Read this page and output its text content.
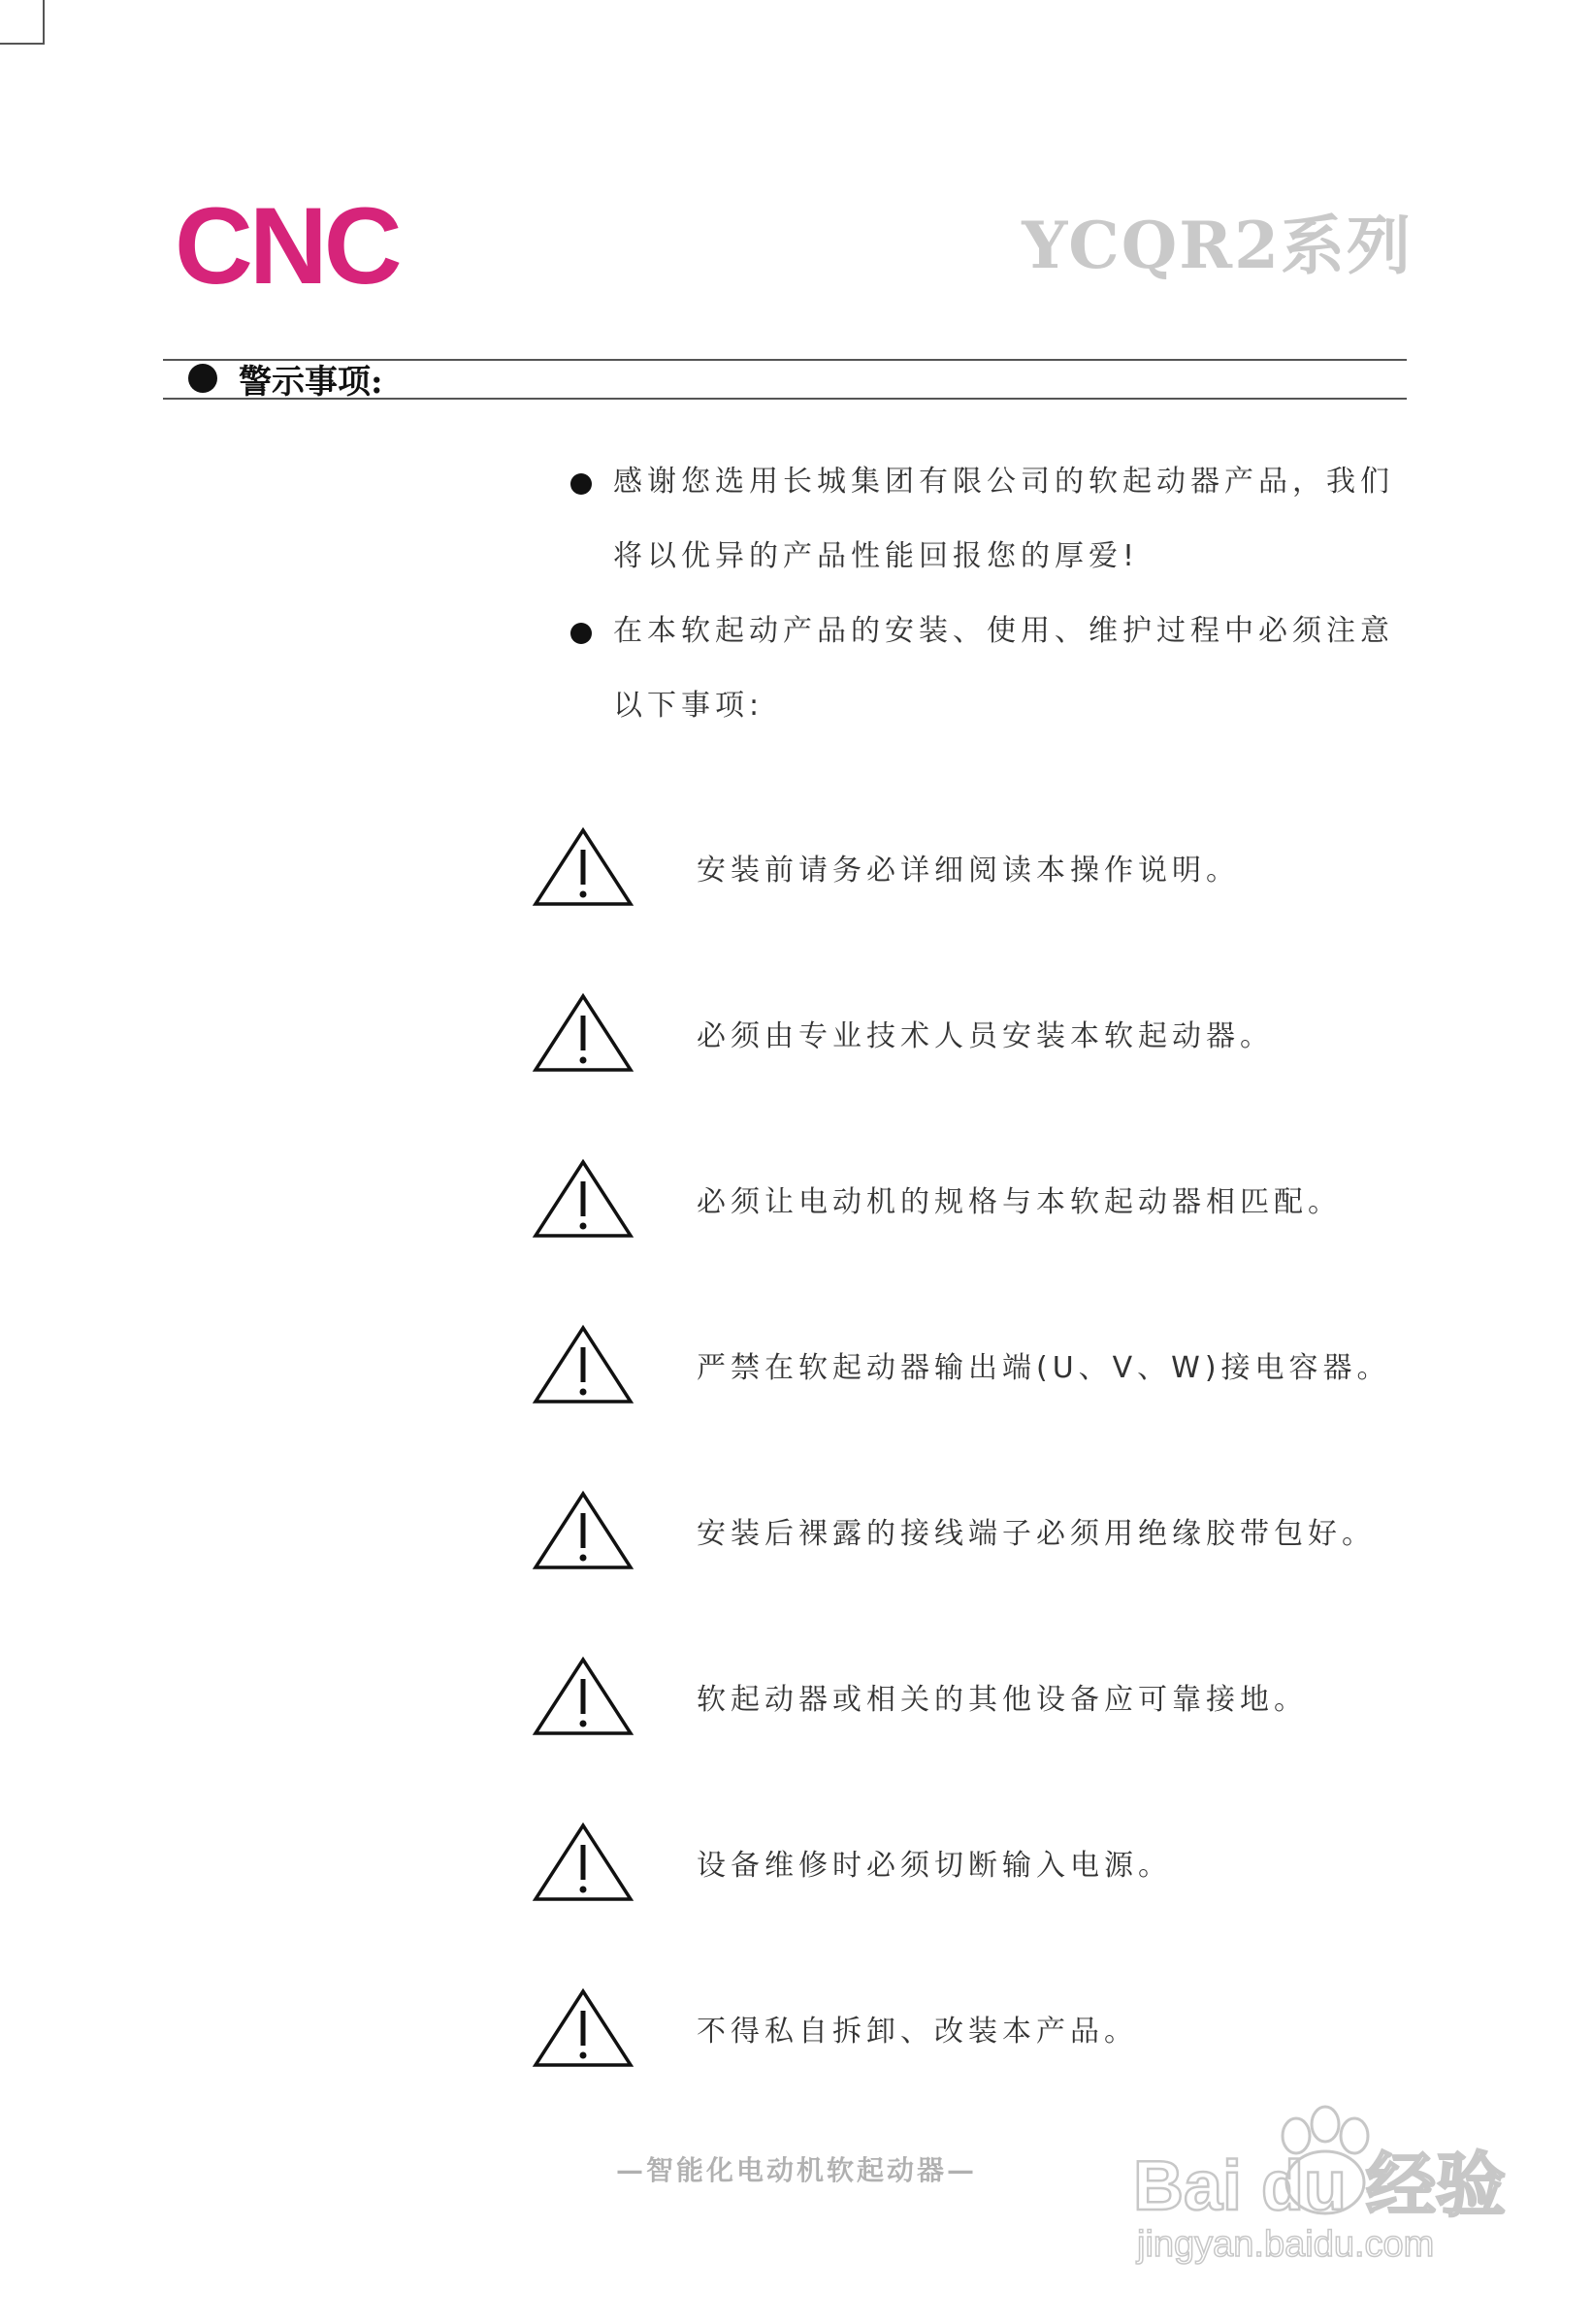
CNC	YCQR2系列
警示事项:
感谢您选用长城集团有限公司的软起动器产品，我们将以优异的产品性能回报您的厚爱!
在本软起动产品的安装、使用、维护过程中必须注意以下事项:
安装前请务必详细阅读本操作说明。
必须由专业技术人员安装本软起动器。
必须让电动机的规格与本软起动器相匹配。
严禁在软起动器输出端(U、V、W)接电容器。
安装后裸露的接线端子必须用绝缘胶带包好。
软起动器或相关的其他设备应可靠接地。
设备维修时必须切断输入电源。
不得私自拆卸、改装本产品。
—智能化电动机软起动器—	Bai du 经验
jingyan.baidu.com
